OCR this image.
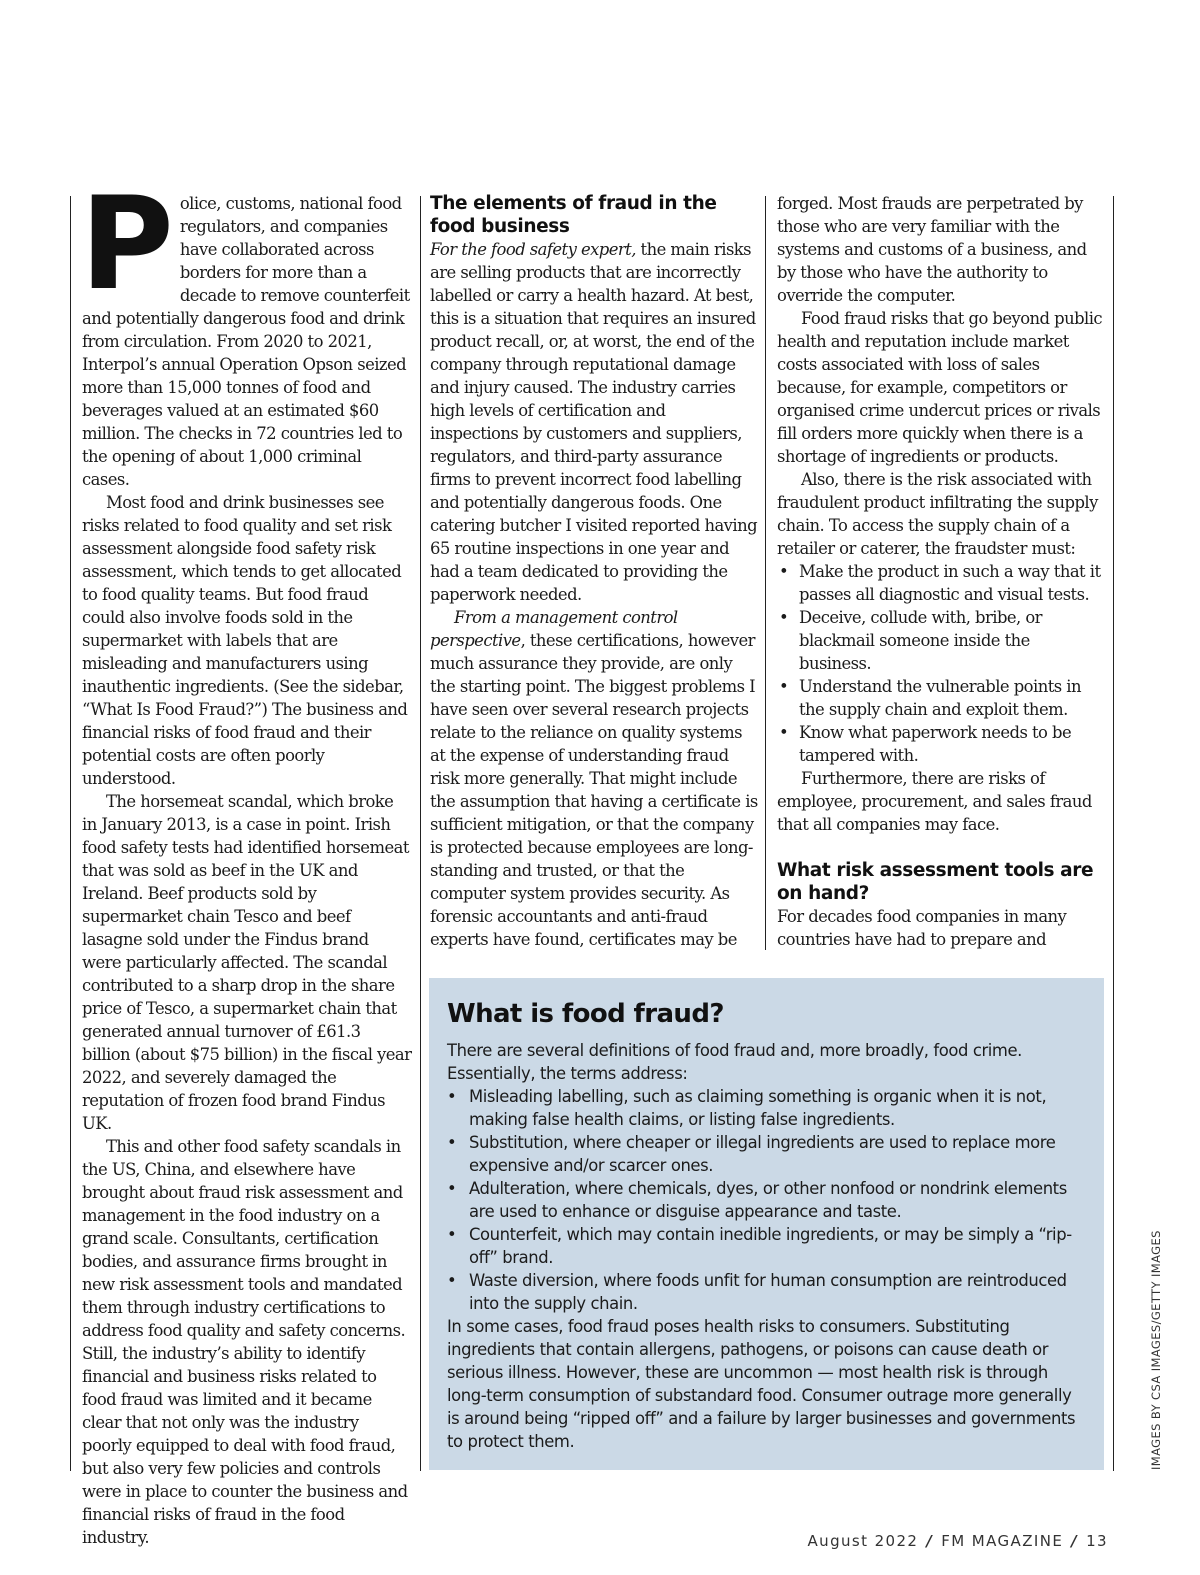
Police, customs, national food regulators, and companies have collaborated across borders for more than a decade to remove counterfeit and potentially dangerous food and drink from circulation. From 2020 to 2021, Interpol’s annual Operation Opson seized more than 15,000 tonnes of food and beverages valued at an estimated $60 million. The checks in 72 countries led to the opening of about 1,000 criminal cases.

Most food and drink businesses see risks related to food quality and set risk assessment alongside food safety risk assessment, which tends to get allocated to food quality teams. But food fraud could also involve foods sold in the supermarket with labels that are misleading and manufacturers using inauthentic ingredients. (See the sidebar, “What Is Food Fraud?”) The business and financial risks of food fraud and their potential costs are often poorly understood.

The horsemeat scandal, which broke in January 2013, is a case in point. Irish food safety tests had identified horsemeat that was sold as beef in the UK and Ireland. Beef products sold by supermarket chain Tesco and beef lasagne sold under the Findus brand were particularly affected. The scandal contributed to a sharp drop in the share price of Tesco, a supermarket chain that generated annual turnover of £61.3 billion (about $75 billion) in the fiscal year 2022, and severely damaged the reputation of frozen food brand Findus UK.

This and other food safety scandals in the US, China, and elsewhere have brought about fraud risk assessment and management in the food industry on a grand scale. Consultants, certification bodies, and assurance firms brought in new risk assessment tools and mandated them through industry certifications to address food quality and safety concerns. Still, the industry’s ability to identify financial and business risks related to food fraud was limited and it became clear that not only was the industry poorly equipped to deal with food fraud, but also very few policies and controls were in place to counter the business and financial risks of fraud in the food industry.

The elements of fraud in the food business

For the food safety expert, the main risks are selling products that are incorrectly labelled or carry a health hazard. At best, this is a situation that requires an insured product recall, or, at worst, the end of the company through reputational damage and injury caused. The industry carries high levels of certification and inspections by customers and suppliers, regulators, and third-party assurance firms to prevent incorrect food labelling and potentially dangerous foods. One catering butcher I visited reported having 65 routine inspections in one year and had a team dedicated to providing the paperwork needed.

From a management control perspective, these certifications, however much assurance they provide, are only the starting point. The biggest problems I have seen over several research projects relate to the reliance on quality systems at the expense of understanding fraud risk more generally. That might include the assumption that having a certificate is sufficient mitigation, or that the company is protected because employees are long-standing and trusted, or that the computer system provides security. As forensic accountants and anti-fraud experts have found, certificates may be

forged. Most frauds are perpetrated by those who are very familiar with the systems and customs of a business, and by those who have the authority to override the computer.

Food fraud risks that go beyond public health and reputation include market costs associated with loss of sales because, for example, competitors or organised crime undercut prices or rivals fill orders more quickly when there is a shortage of ingredients or products.

Also, there is the risk associated with fraudulent product infiltrating the supply chain. To access the supply chain of a retailer or caterer, the fraudster must:

• Make the product in such a way that it passes all diagnostic and visual tests.
• Deceive, collude with, bribe, or blackmail someone inside the business.
• Understand the vulnerable points in the supply chain and exploit them.
• Know what paperwork needs to be tampered with.

Furthermore, there are risks of employee, procurement, and sales fraud that all companies may face.

What risk assessment tools are on hand?

For decades food companies in many countries have had to prepare and

What is food fraud?

There are several definitions of food fraud and, more broadly, food crime. Essentially, the terms address:

• Misleading labelling, such as claiming something is organic when it is not, making false health claims, or listing false ingredients.
• Substitution, where cheaper or illegal ingredients are used to replace more expensive and/or scarcer ones.
• Adulteration, where chemicals, dyes, or other nonfood or nondrink elements are used to enhance or disguise appearance and taste.
• Counterfeit, which may contain inedible ingredients, or may be simply a “rip-off” brand.
• Waste diversion, where foods unfit for human consumption are reintroduced into the supply chain.

In some cases, food fraud poses health risks to consumers. Substituting ingredients that contain allergens, pathogens, or poisons can cause death or serious illness. However, these are uncommon — most health risk is through long-term consumption of substandard food. Consumer outrage more generally is around being “ripped off” and a failure by larger businesses and governments to protect them.	IMAGES BY CSA IMAGES/GETTY IMAGES
August 2022 / FM MAGAZINE / 13
